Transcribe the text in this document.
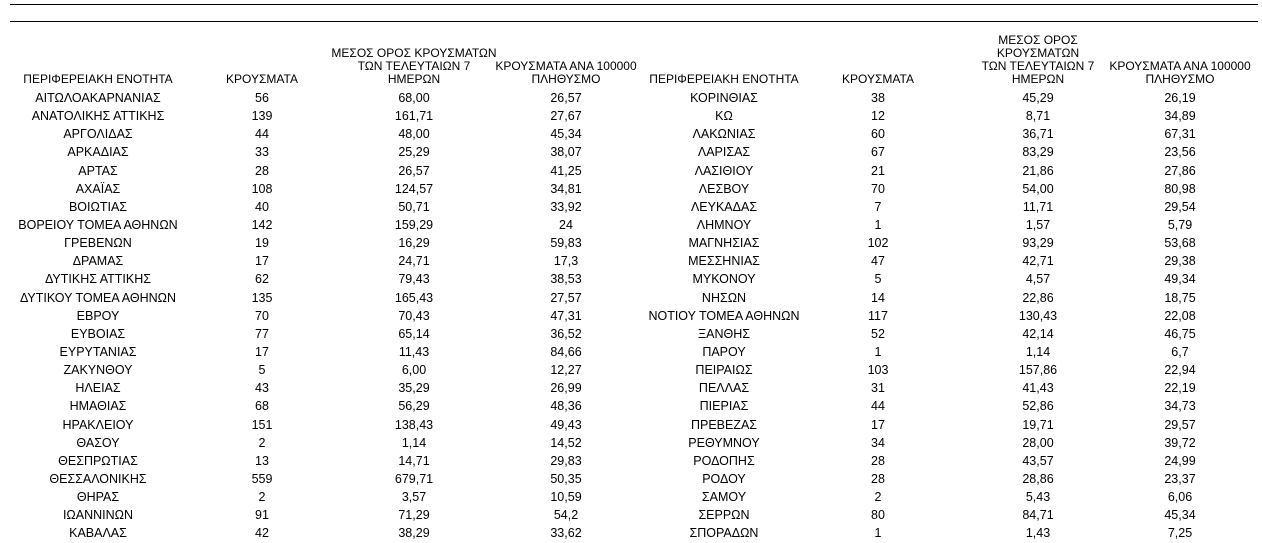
ΠΕΡΙΦΕΡΕΙΑΚΗ ΕΝΟΤΗΤΑ	ΚΡΟΥΣΜΑΤΑ
ΜΕΣΟΣ ΟΡΟΣ ΚΡΟΥΣΜΑΤΩΝ
ΤΩΝ ΤΕΛΕΥΤΑΙΩΝ 7
ΗΜΕΡΩΝ
ΚΡΟΥΣΜΑΤΑ ΑΝΑ 100000
ΠΛΗΘΥΣΜΟ
ΑΙΤΩΛΟΑΚΑΡΝΑΝΙΑΣ	56	68,00	26,57
ΑΝΑΤΟΛΙΚΗΣ ΑΤΤΙΚΗΣ	139	161,71	27,67
ΑΡΓΟΛΙΔΑΣ	44	48,00	45,34
ΑΡΚΑΔΙΑΣ	33	25,29	38,07
ΑΡΤΑΣ	28	26,57	41,25
ΑΧΑΪΑΣ	108	124,57	34,81
ΒΟΙΩΤΙΑΣ	40	50,71	33,92
ΒΟΡΕΙΟΥ ΤΟΜΕΑ ΑΘΗΝΩΝ	142	159,29	24
ΓΡΕΒΕΝΩΝ	19	16,29	59,83
ΔΡΑΜΑΣ	17	24,71	17,3
ΔΥΤΙΚΗΣ ΑΤΤΙΚΗΣ	62	79,43	38,53
ΔΥΤΙΚΟΥ ΤΟΜΕΑ ΑΘΗΝΩΝ	135	165,43	27,57
ΕΒΡΟΥ	70	70,43	47,31
ΕΥΒΟΙΑΣ	77	65,14	36,52
ΕΥΡΥΤΑΝΙΑΣ	17	11,43	84,66
ΖΑΚΥΝΘΟΥ	5	6,00	12,27
ΗΛΕΙΑΣ	43	35,29	26,99
ΗΜΑΘΙΑΣ	68	56,29	48,36
ΗΡΑΚΛΕΙΟΥ	151	138,43	49,43
ΘΑΣΟΥ	2	1,14	14,52
ΘΕΣΠΡΩΤΙΑΣ	13	14,71	29,83
ΘΕΣΣΑΛΟΝΙΚΗΣ	559	679,71	50,35
ΘΗΡΑΣ	2	3,57	10,59
ΙΩΑΝΝΙΝΩΝ	91	71,29	54,2
ΚΑΒΑΛΑΣ	42	38,29	33,62
ΠΕΡΙΦΕΡΕΙΑΚΗ ΕΝΟΤΗΤΑ	ΚΡΟΥΣΜΑΤΑ
ΜΕΣΟΣ ΟΡΟΣ ΚΡΟΥΣΜΑΤΩΝ
ΤΩΝ ΤΕΛΕΥΤΑΙΩΝ 7
ΗΜΕΡΩΝ
ΚΡΟΥΣΜΑΤΑ ΑΝΑ 100000
ΠΛΗΘΥΣΜΟ
ΚΟΡΙΝΘΙΑΣ	38	45,29	26,19
ΚΩ	12	8,71	34,89
ΛΑΚΩΝΙΑΣ	60	36,71	67,31
ΛΑΡΙΣΑΣ	67	83,29	23,56
ΛΑΣΙΘΙΟΥ	21	21,86	27,86
ΛΕΣΒΟΥ	70	54,00	80,98
ΛΕΥΚΑΔΑΣ	7	11,71	29,54
ΛΗΜΝΟΥ	1	1,57	5,79
ΜΑΓΝΗΣΙΑΣ	102	93,29	53,68
ΜΕΣΣΗΝΙΑΣ	47	42,71	29,38
ΜΥΚΟΝΟΥ	5	4,57	49,34
ΝΗΣΩΝ	14	22,86	18,75
ΝΟΤΙΟΥ ΤΟΜΕΑ ΑΘΗΝΩΝ	117	130,43	22,08
ΞΑΝΘΗΣ	52	42,14	46,75
ΠΑΡΟΥ	1	1,14	6,7
ΠΕΙΡΑΙΩΣ	103	157,86	22,94
ΠΕΛΛΑΣ	31	41,43	22,19
ΠΙΕΡΙΑΣ	44	52,86	34,73
ΠΡΕΒΕΖΑΣ	17	19,71	29,57
ΡΕΘΥΜΝΟΥ	34	28,00	39,72
ΡΟΔΟΠΗΣ	28	43,57	24,99
ΡΟΔΟΥ	28	28,86	23,37
ΣΑΜΟΥ	2	5,43	6,06
ΣΕΡΡΩΝ	80	84,71	45,34
ΣΠΟΡΑΔΩΝ	1	1,43	7,25
